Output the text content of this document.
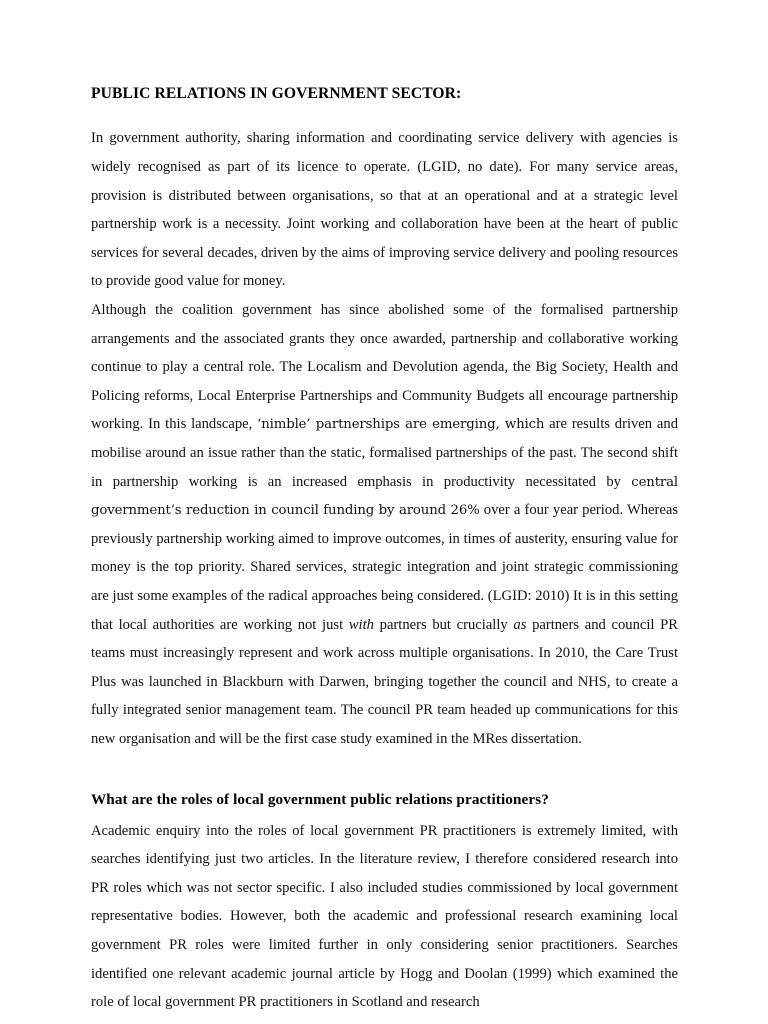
PUBLIC RELATIONS IN GOVERNMENT SECTOR:

In government authority, sharing information and coordinating service delivery with agencies is widely recognised as part of its licence to operate. (LGID, no date). For many service areas, provision is distributed between organisations, so that at an operational and at a strategic level partnership work is a necessity. Joint working and collaboration have been at the heart of public services for several decades, driven by the aims of improving service delivery and pooling resources to provide good value for money.

Although the coalition government has since abolished some of the formalised partnership arrangements and the associated grants they once awarded, partnership and collaborative working continue to play a central role. The Localism and Devolution agenda, the Big Society, Health and Policing reforms, Local Enterprise Partnerships and Community Budgets all encourage partnership working. In this landscape, ‘nimble’ partnerships are emerging, which are results driven and mobilise around an issue rather than the static, formalised partnerships of the past. The second shift in partnership working is an increased emphasis in productivity necessitated by central government’s reduction in council funding by around 26% over a four year period. Whereas previously partnership working aimed to improve outcomes, in times of austerity, ensuring value for money is the top priority. Shared services, strategic integration and joint strategic commissioning are just some examples of the radical approaches being considered. (LGID: 2010) It is in this setting that local authorities are working not just with partners but crucially as partners and council PR teams must increasingly represent and work across multiple organisations. In 2010, the Care Trust Plus was launched in Blackburn with Darwen, bringing together the council and NHS, to create a fully integrated senior management team. The council PR team headed up communications for this new organisation and will be the first case study examined in the MRes dissertation.

What are the roles of local government public relations practitioners?

Academic enquiry into the roles of local government PR practitioners is extremely limited, with searches identifying just two articles. In the literature review, I therefore considered research into PR roles which was not sector specific. I also included studies commissioned by local government representative bodies. However, both the academic and professional research examining local government PR roles were limited further in only considering senior practitioners. Searches identified one relevant academic journal article by Hogg and Doolan (1999) which examined the role of local government PR practitioners in Scotland and research
